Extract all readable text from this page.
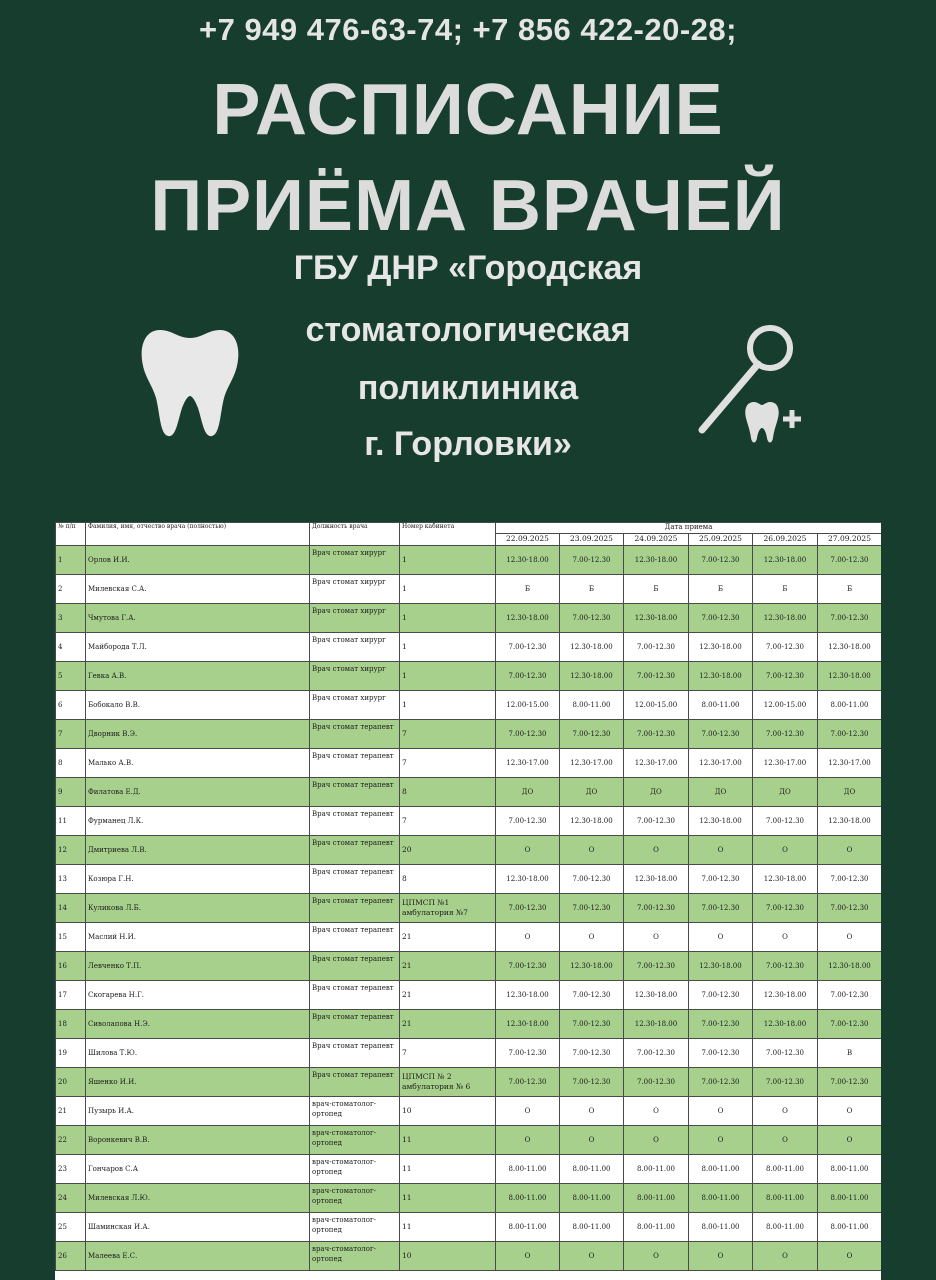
+7 949 476-63-74; +7 856 422-20-28;
РАСПИСАНИЕ
ПРИЁМА ВРАЧЕЙ
ГБУ ДНР «Городская
стоматологическая
поликлиника
г. Горловки»
№ п/п	Фамилия, имя, отчество врача (полностью)	Должность врача	Номер кабинета	Дата приема					
				22.09.2025	23.09.2025	24.09.2025	25.09.2025	26.09.2025	27.09.2025
1	Орлов И.И.	Врач стомат хирург	1	12.30-18.00	7.00-12.30	12.30-18.00	7.00-12.30	12.30-18.00	7.00-12.30
2	Милевская С.А.	Врач стомат хирург	1	Б	Б	Б	Б	Б	Б
3	Чмутова Г.А.	Врач стомат хирург	1	12.30-18.00	7.00-12.30	12.30-18.00	7.00-12.30	12.30-18.00	7.00-12.30
4	Майборода Т.Л.	Врач стомат хирург	1	7.00-12.30	12.30-18.00	7.00-12.30	12.30-18.00	7.00-12.30	12.30-18.00
5	Гевка А.В.	Врач стомат хирург	1	7.00-12.30	12.30-18.00	7.00-12.30	12.30-18.00	7.00-12.30	12.30-18.00
6	Бобокало В.В.	Врач стомат хирург	1	12.00-15.00	8.00-11.00	12.00-15.00	8.00-11.00	12.00-15.00	8.00-11.00
7	Дворник В.Э.	Врач стомат терапевт	7	7.00-12.30	7.00-12.30	7.00-12.30	7.00-12.30	7.00-12.30	7.00-12.30
8	Малько А.В.	Врач стомат терапевт	7	12.30-17.00	12.30-17.00	12.30-17.00	12.30-17.00	12.30-17.00	12.30-17.00
9	Филатова Е.Д.	Врач стомат терапевт	8	ДО	ДО	ДО	ДО	ДО	ДО
11	Фурманец Л.К.	Врач стомат терапевт	7	7.00-12.30	12.30-18.00	7.00-12.30	12.30-18.00	7.00-12.30	12.30-18.00
12	Дмитриева Л.В.	Врач стомат терапевт	20	О	О	О	О	О	О
13	Козюра Г.Н.	Врач стомат терапевт	8	12.30-18.00	7.00-12.30	12.30-18.00	7.00-12.30	12.30-18.00	7.00-12.30
14	Куликова Л.Б.	Врач стомат терапевт	ЦПМСП №1 амбулатория №7	7.00-12.30	7.00-12.30	7.00-12.30	7.00-12.30	7.00-12.30	7.00-12.30
15	Маслий Н.И.	Врач стомат терапевт	21	О	О	О	О	О	О
16	Левченко Т.П.	Врач стомат терапевт	21	7.00-12.30	12.30-18.00	7.00-12.30	12.30-18.00	7.00-12.30	12.30-18.00
17	Скогарева Н.Г.	Врач стомат терапевт	21	12.30-18.00	7.00-12.30	12.30-18.00	7.00-12.30	12.30-18.00	7.00-12.30
18	Сиволапова Н.Э.	Врач стомат терапевт	21	12.30-18.00	7.00-12.30	12.30-18.00	7.00-12.30	12.30-18.00	7.00-12.30
19	Шилова Т.Ю.	Врач стомат терапевт	7	7.00-12.30	7.00-12.30	7.00-12.30	7.00-12.30	7.00-12.30	В
20	Яшенко И.И.	Врач стомат терапевт	ЦПМСП № 2 амбулатория № 6	7.00-12.30	7.00-12.30	7.00-12.30	7.00-12.30	7.00-12.30	7.00-12.30
21	Пузырь И.А.	врач-стоматолог-ортопед	10	О	О	О	О	О	О
22	Воронкевич В.В.	врач-стоматолог-ортопед	11	О	О	О	О	О	О
23	Гончаров С.А	врач-стоматолог-ортопед	11	8.00-11.00	8.00-11.00	8.00-11.00	8.00-11.00	8.00-11.00	8.00-11.00
24	Милевская Л.Ю.	врач-стоматолог-ортопед	11	8.00-11.00	8.00-11.00	8.00-11.00	8.00-11.00	8.00-11.00	8.00-11.00
25	Шаминская И.А.	врач-стоматолог-ортопед	11	8.00-11.00	8.00-11.00	8.00-11.00	8.00-11.00	8.00-11.00	8.00-11.00
26	Малеева Е.С.	врач-стоматолог-ортопед	10	О	О	О	О	О	О
